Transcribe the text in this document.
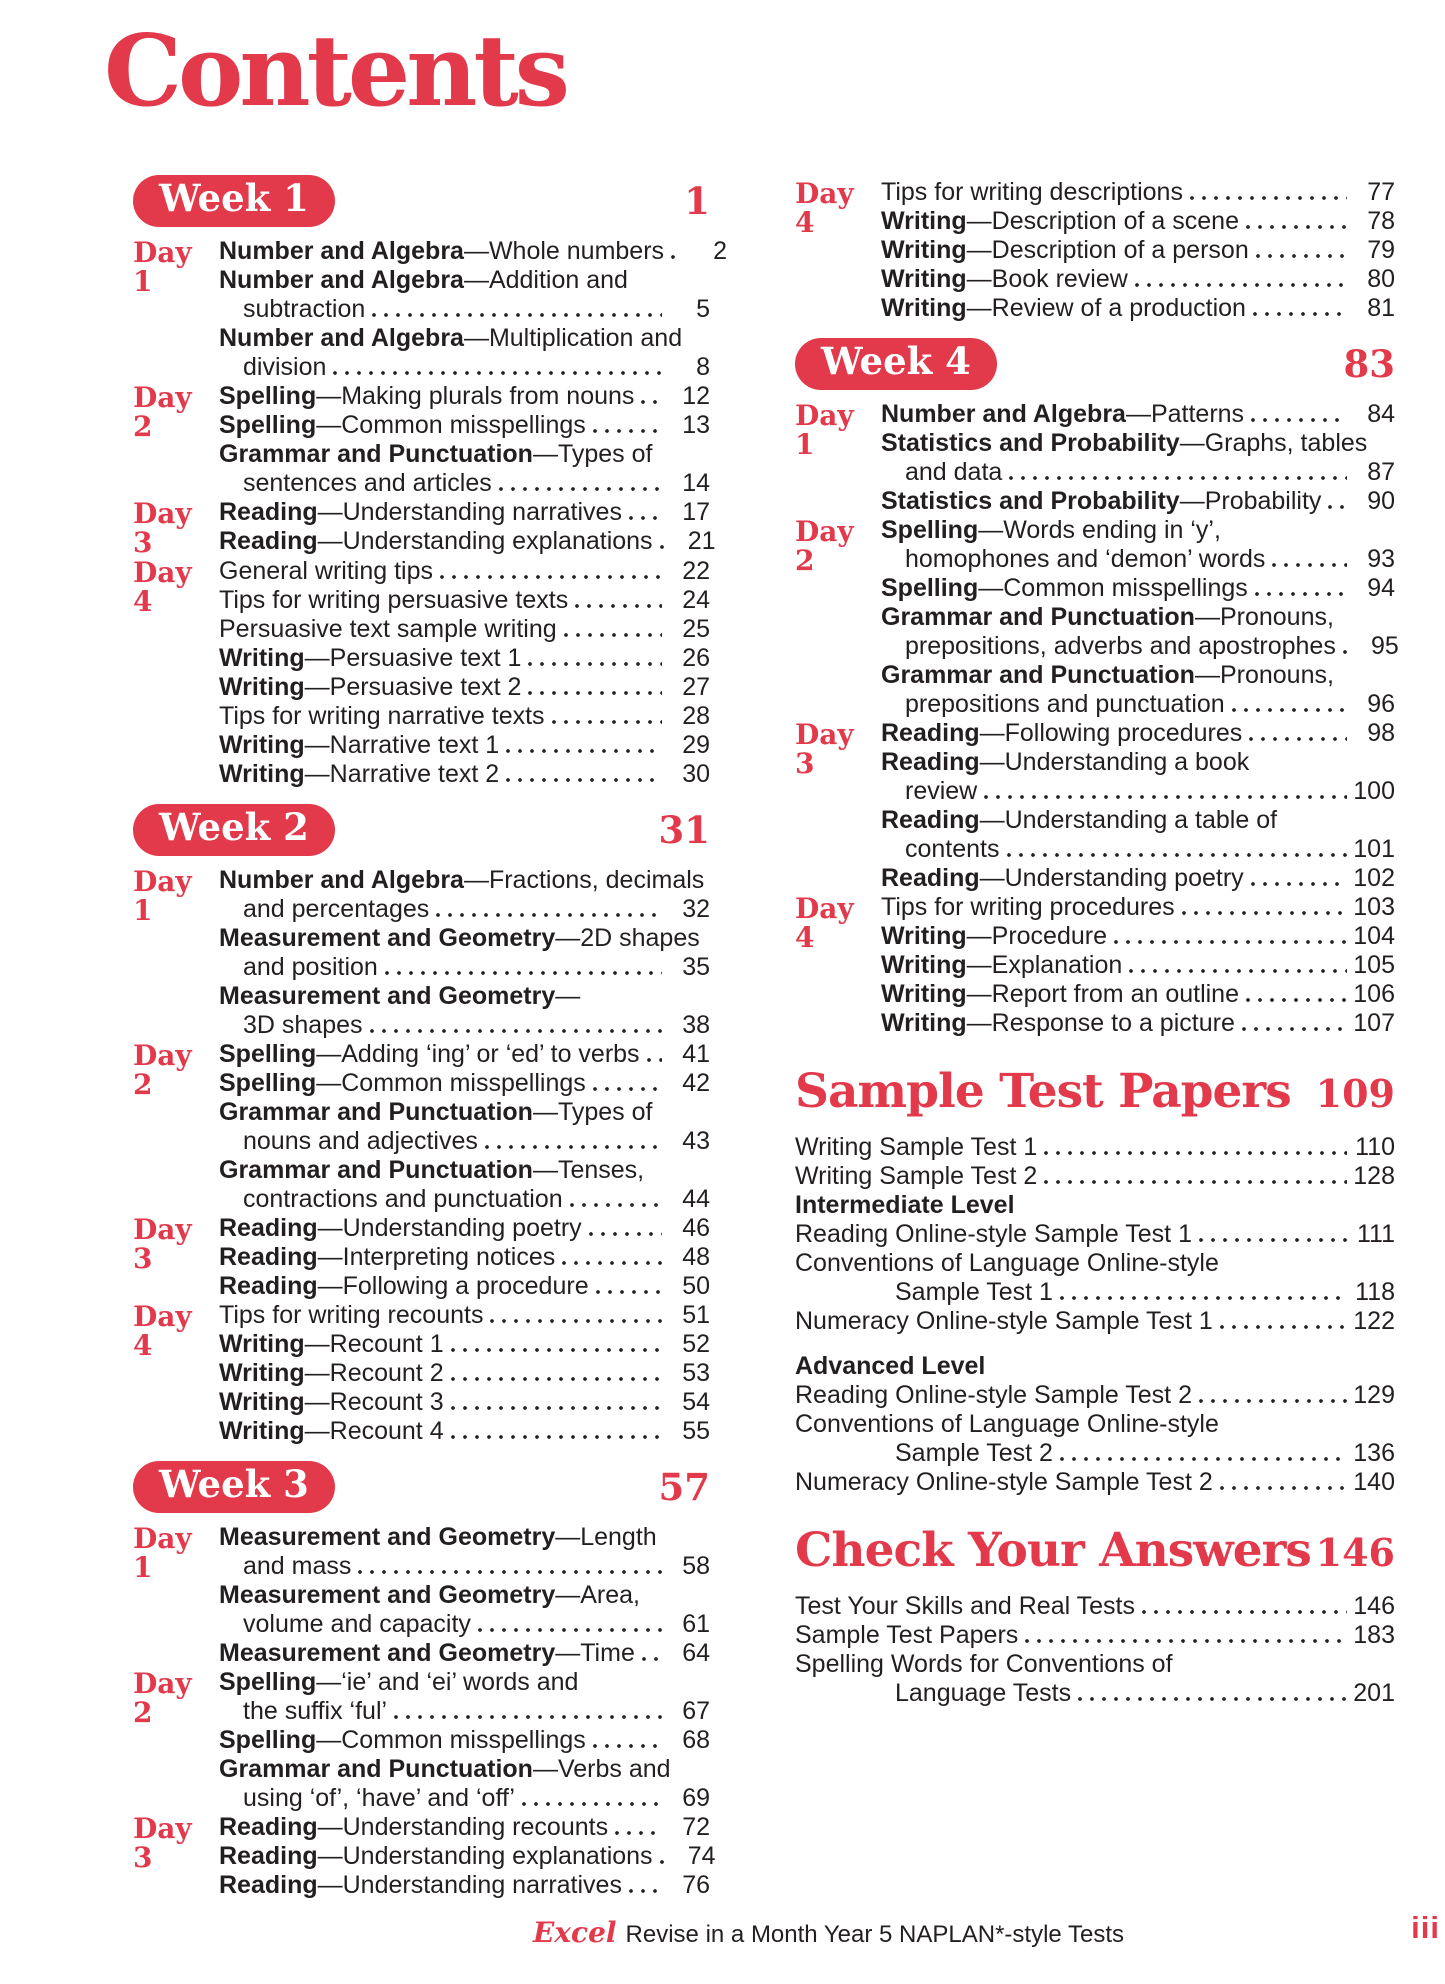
Contents
Week 1	1
Day 1
Number and Algebra—Whole numbers	2
Number and Algebra—Addition and
subtraction	5
Number and Algebra—Multiplication and
division	8
Day 2
Spelling—Making plurals from nouns	12
Spelling—Common misspellings	13
Grammar and Punctuation—Types of
sentences and articles	14
Day 3
Reading—Understanding narratives	17
Reading—Understanding explanations	21
Day 4
General writing tips	22
Tips for writing persuasive texts	24
Persuasive text sample writing	25
Writing—Persuasive text 1	26
Writing—Persuasive text 2	27
Tips for writing narrative texts	28
Writing—Narrative text 1	29
Writing—Narrative text 2	30
Week 2	31
Day 1
Number and Algebra—Fractions, decimals
and percentages	32
Measurement and Geometry—2D shapes
and position	35
Measurement and Geometry—
3D shapes	38
Day 2
Spelling—Adding ‘ing’ or ‘ed’ to verbs	41
Spelling—Common misspellings	42
Grammar and Punctuation—Types of
nouns and adjectives	43
Grammar and Punctuation—Tenses,
contractions and punctuation	44
Day 3
Reading—Understanding poetry	46
Reading—Interpreting notices	48
Reading—Following a procedure	50
Day 4
Tips for writing recounts	51
Writing—Recount 1	52
Writing—Recount 2	53
Writing—Recount 3	54
Writing—Recount 4	55
Week 3	57
Day 1
Measurement and Geometry—Length
and mass	58
Measurement and Geometry—Area,
volume and capacity	61
Measurement and Geometry—Time	64
Day 2
Spelling—‘ie’ and ‘ei’ words and
the suffix ‘ful’	67
Spelling—Common misspellings	68
Grammar and Punctuation—Verbs and
using ‘of’, ‘have’ and ‘off’	69
Day 3
Reading—Understanding recounts	72
Reading—Understanding explanations	74
Reading—Understanding narratives	76
Day 4
Tips for writing descriptions	77
Writing—Description of a scene	78
Writing—Description of a person	79
Writing—Book review	80
Writing—Review of a production	81
Week 4	83
Day 1
Number and Algebra—Patterns	84
Statistics and Probability—Graphs, tables
and data	87
Statistics and Probability—Probability	90
Day 2
Spelling—Words ending in ‘y’,
homophones and ‘demon’ words	93
Spelling—Common misspellings	94
Grammar and Punctuation—Pronouns,
prepositions, adverbs and apostrophes	95
Grammar and Punctuation—Pronouns,
prepositions and punctuation	96
Day 3
Reading—Following procedures	98
Reading—Understanding a book
review	100
Reading—Understanding a table of
contents	101
Reading—Understanding poetry	102
Day 4
Tips for writing procedures	103
Writing—Procedure	104
Writing—Explanation	105
Writing—Report from an outline	106
Writing—Response to a picture	107
Sample Test Papers 109
Writing Sample Test 1	110
Writing Sample Test 2	128
Intermediate Level
Reading Online-style Sample Test 1	111
Conventions of Language Online-style
Sample Test 1	118
Numeracy Online-style Sample Test 1	122
Advanced Level
Reading Online-style Sample Test 2	129
Conventions of Language Online-style
Sample Test 2	136
Numeracy Online-style Sample Test 2	140
Check Your Answers 146
Test Your Skills and Real Tests	146
Sample Test Papers	183
Spelling Words for Conventions of
Language Tests	201
Excel Revise in a Month Year 5 NAPLAN*-style Tests	iii
